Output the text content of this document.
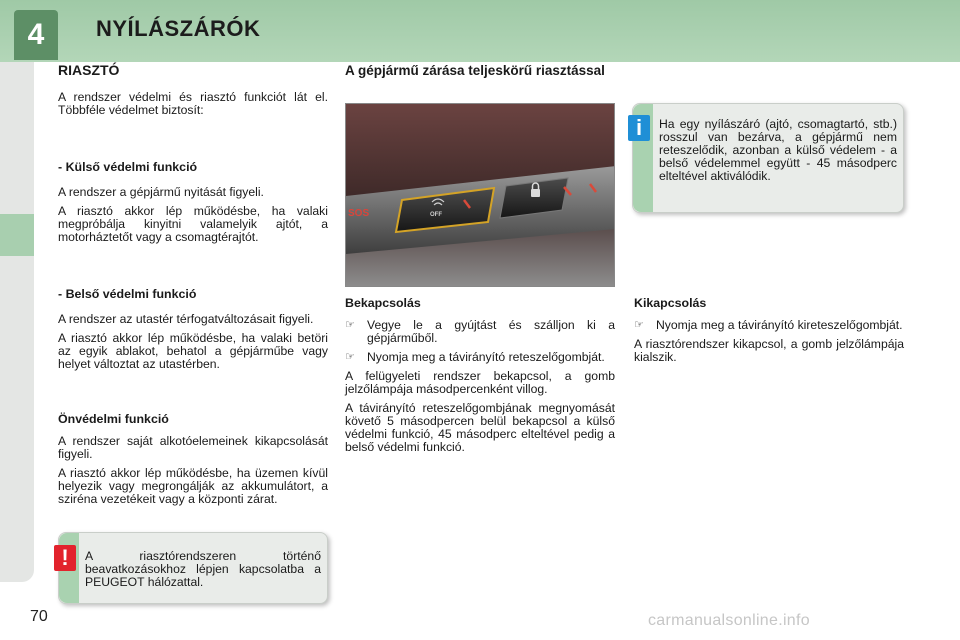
4	NYÍLÁSZÁRÓK
RIASZTÓ

A rendszer védelmi és riasztó funkciót lát el. Többféle védelmet biztosít:

- Külső védelmi funkció

A rendszer a gépjármű nyitását figyeli.

A riasztó akkor lép működésbe, ha valaki megpróbálja kinyitni valamelyik ajtót, a motorháztetőt vagy a csomagtérajtót.

- Belső védelmi funkció

A rendszer az utastér térfogatváltozásait figyeli.

A riasztó akkor lép működésbe, ha valaki betöri az egyik ablakot, behatol a gépjárműbe vagy helyet változtat az utastérben.

Önvédelmi funkció

A rendszer saját alkotóelemeinek kikapcsolását figyeli.

A riasztó akkor lép működésbe, ha üzemen kívül helyezik vagy megrongálják az akkumulátort, a sziréna vezetékeit vagy a központi zárat.

A riasztórendszeren történő beavatkozásokhoz lépjen kapcsolatba a PEUGEOT hálózattal.
!
A gépjármű zárása teljeskörű riasztással
SOS	OFF
Bekapcsolás
☞ Vegye le a gyújtást és szálljon ki a gépjárműből.
☞ Nyomja meg a távirányító reteszelőgombját.

A felügyeleti rendszer bekapcsol, a gomb jelzőlámpája másodpercenként villog.

A távirányító reteszelőgombjának megnyomását követő 5 másodpercen belül bekapcsol a külső védelmi funkció, 45 másodperc elteltével pedig a belső védelmi funkció.

Ha egy nyílászáró (ajtó, csomagtartó, stb.) rosszul van bezárva, a gépjármű nem reteszelődik, azonban a külső védelem - a belső védelemmel együtt - 45 másodperc elteltével aktiválódik.
i
Kikapcsolás
☞ Nyomja meg a távirányító kireteszelőgombját.

A riasztórendszer kikapcsol, a gomb jelzőlámpája kialszik.

70	carmanualsonline.info
